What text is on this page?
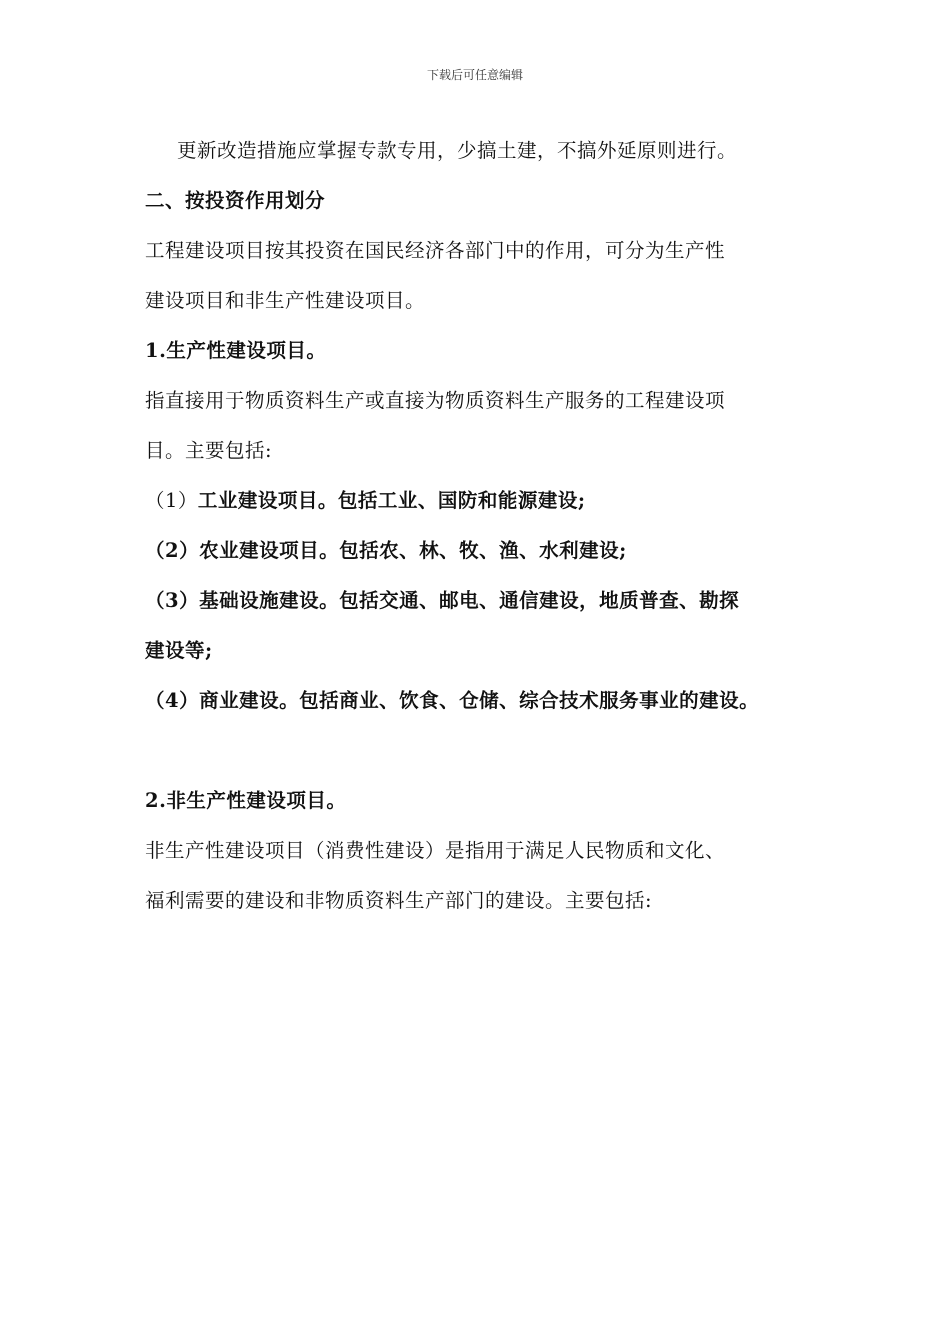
下载后可任意编辑
更新改造措施应掌握专款专用，少搞土建，不搞外延原则进行。
二、按投资作用划分
工程建设项目按其投资在国民经济各部门中的作用，可分为生产性
建设项目和非生产性建设项目。
1.生产性建设项目。
指直接用于物质资料生产或直接为物质资料生产服务的工程建设项
目。主要包括:
（1）工业建设项目。包括工业、国防和能源建设;
（2）农业建设项目。包括农、林、牧、渔、水利建设;
（3）基础设施建设。包括交通、邮电、通信建设，地质普查、勘探
建设等;
（4）商业建设。包括商业、饮食、仓储、综合技术服务事业的建设。
2.非生产性建设项目。
非生产性建设项目（消费性建设）是指用于满足人民物质和文化、
福利需要的建设和非物质资料生产部门的建设。主要包括:
